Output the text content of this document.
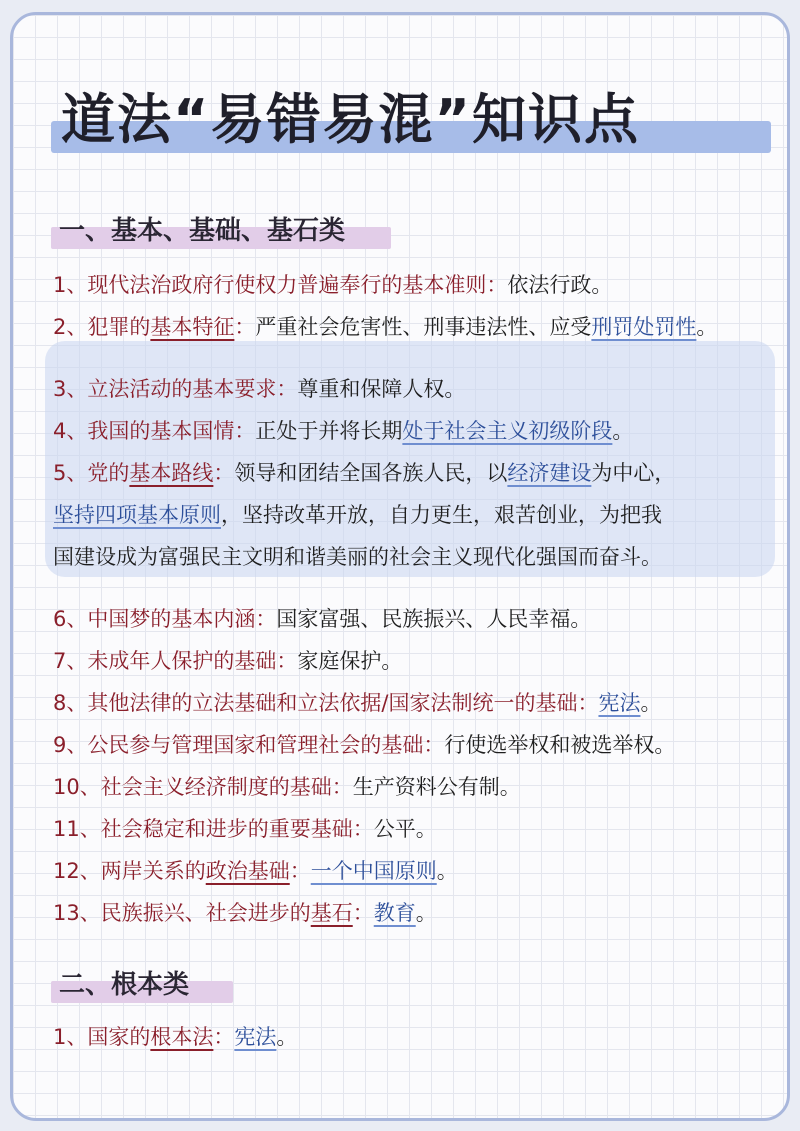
道法“易错易混”知识点
一、基本、基础、基石类
1、现代法治政府行使权力普遍奉行的基本准则：依法行政。
2、犯罪的基本特征：严重社会危害性、刑事违法性、应受刑罚处罚性。
3、立法活动的基本要求：尊重和保障人权。
4、我国的基本国情：正处于并将长期处于社会主义初级阶段。
5、党的基本路线：领导和团结全国各族人民，以经济建设为中心，
坚持四项基本原则，坚持改革开放，自力更生，艰苦创业，为把我
国建设成为富强民主文明和谐美丽的社会主义现代化强国而奋斗。
6、中国梦的基本内涵：国家富强、民族振兴、人民幸福。
7、未成年人保护的基础：家庭保护。
8、其他法律的立法基础和立法依据/国家法制统一的基础：宪法。
9、公民参与管理国家和管理社会的基础：行使选举权和被选举权。
10、社会主义经济制度的基础：生产资料公有制。
11、社会稳定和进步的重要基础：公平。
12、两岸关系的政治基础：一个中国原则。
13、民族振兴、社会进步的基石：教育。
二、根本类
1、国家的根本法：宪法。
